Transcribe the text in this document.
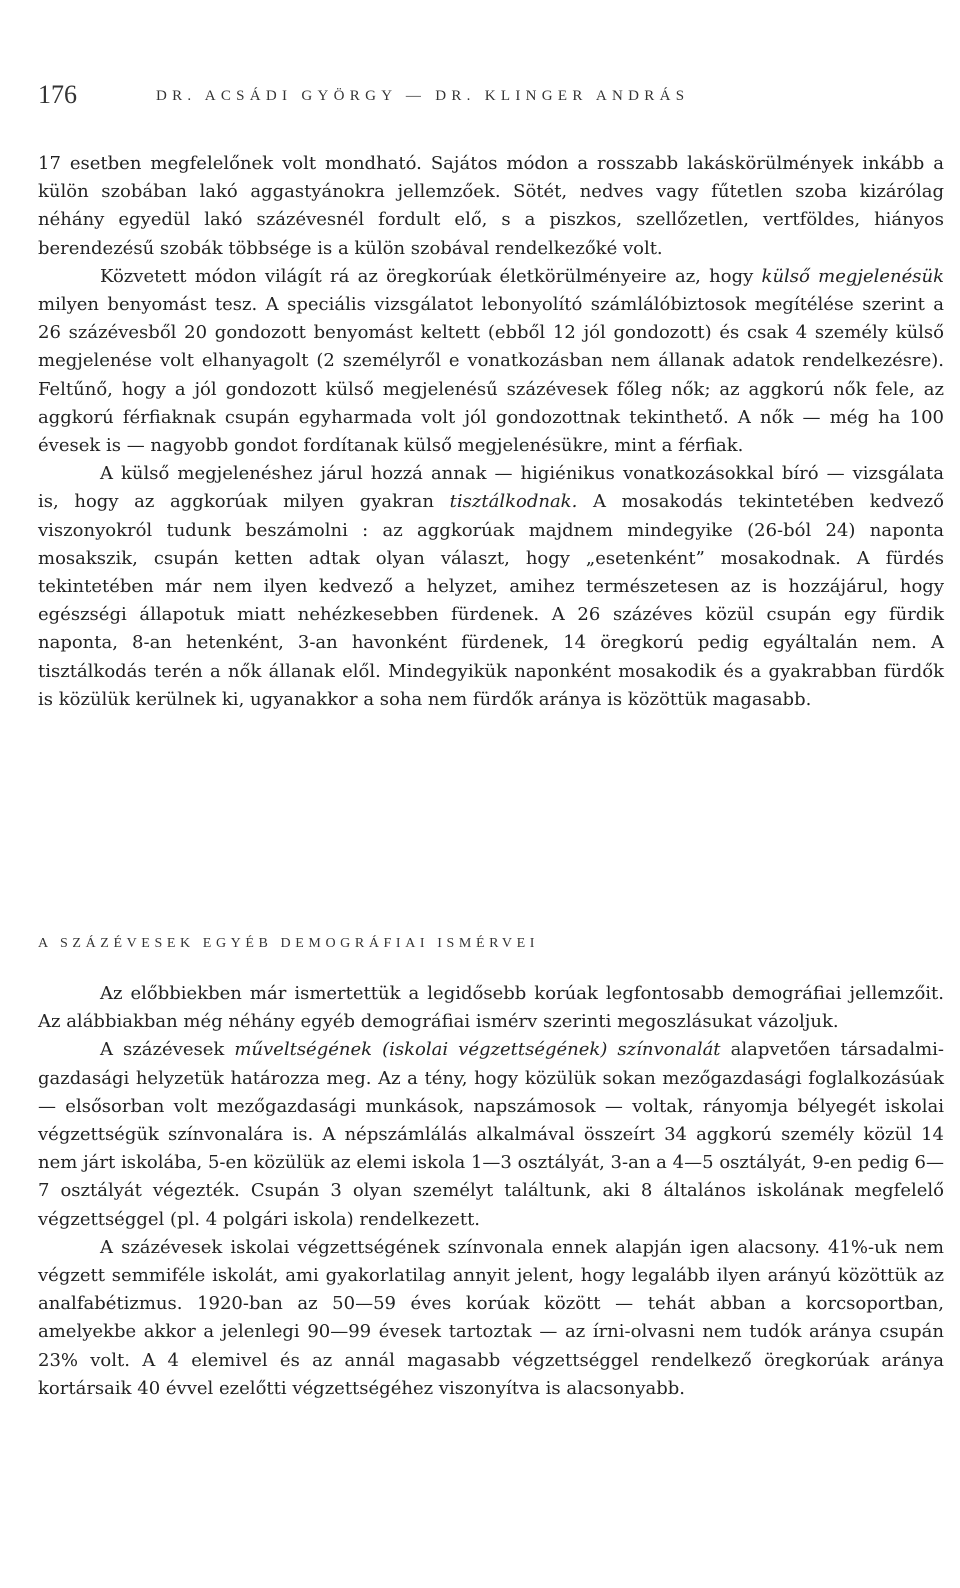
176	DR. ACSÁDI GYÖRGY — DR. KLINGER ANDRÁS

17 esetben megfelelőnek volt mondható. Sajátos módon a rosszabb lakáskörülmények inkább a külön szobában lakó aggastyánokra jellemzőek. Sötét, nedves vagy fűtetlen szoba kizárólag néhány egyedül lakó százévesnél fordult elő, s a piszkos, szellőzetlen, vertföldes, hiányos berendezésű szobák többsége is a külön szobával rendelkezőké volt.

Közvetett módon világít rá az öregkorúak életkörülményeire az, hogy külső megjelenésük milyen benyomást tesz. A speciális vizsgálatot lebonyolító számlálóbiztosok megítélése szerint a 26 százévesből 20 gondozott benyomást keltett (ebből 12 jól gondozott) és csak 4 személy külső megjelenése volt elhanyagolt (2 személyről e vonatkozásban nem állanak adatok rendelkezésre). Feltűnő, hogy a jól gondozott külső megjelenésű százévesek főleg nők; az aggkorú nők fele, az aggkorú férfiaknak csupán egyharmada volt jól gondozottnak tekinthető. A nők — még ha 100 évesek is — nagyobb gondot fordítanak külső megjelenésükre, mint a férfiak.

A külső megjelenéshez járul hozzá annak — higiénikus vonatkozásokkal bíró — vizsgálata is, hogy az aggkorúak milyen gyakran tisztálkodnak. A mosakodás tekintetében kedvező viszonyokról tudunk beszámolni : az aggkorúak majdnem mindegyike (26-ból 24) naponta mosakszik, csupán ketten adtak olyan választ, hogy „esetenként” mosakodnak. A fürdés tekintetében már nem ilyen kedvező a helyzet, amihez természetesen az is hozzájárul, hogy egészségi állapotuk miatt nehézkesebben fürdenek. A 26 százéves közül csupán egy fürdik naponta, 8-an hetenként, 3-an havonként fürdenek, 14 öregkorú pedig egyáltalán nem. A tisztálkodás terén a nők állanak elől. Mindegyikük naponként mosakodik és a gyakrabban fürdők is közülük kerülnek ki, ugyanakkor a soha nem fürdők aránya is közöttük magasabb.

A SZÁZÉVESEK EGYÉB DEMOGRÁFIAI ISMÉRVEI

Az előbbiekben már ismertettük a legidősebb korúak legfontosabb demográfiai jellemzőit. Az alábbiakban még néhány egyéb demográfiai ismérv szerinti megoszlásukat vázoljuk.

A százévesek műveltségének (iskolai végzettségének) színvonalát alapvetően társadalmi-gazdasági helyzetük határozza meg. Az a tény, hogy közülük sokan mezőgazdasági foglalkozásúak — elsősorban volt mezőgazdasági munkások, napszámosok — voltak, rányomja bélyegét iskolai végzettségük színvonalára is. A népszámlálás alkalmával összeírt 34 aggkorú személy közül 14 nem járt iskolába, 5-en közülük az elemi iskola 1—3 osztályát, 3-an a 4—5 osztályát, 9-en pedig 6—7 osztályát végezték. Csupán 3 olyan személyt találtunk, aki 8 általános iskolának megfelelő végzettséggel (pl. 4 polgári iskola) rendelkezett.

A százévesek iskolai végzettségének színvonala ennek alapján igen alacsony. 41%-uk nem végzett semmiféle iskolát, ami gyakorlatilag annyit jelent, hogy legalább ilyen arányú közöttük az analfabétizmus. 1920-ban az 50—59 éves korúak között — tehát abban a korcsoportban, amelyekbe akkor a jelenlegi 90—99 évesek tartoztak — az írni-olvasni nem tudók aránya csupán 23% volt. A 4 elemivel és az annál magasabb végzettséggel rendelkező öregkorúak aránya kortársaik 40 évvel ezelőtti végzettségéhez viszonyítva is alacsonyabb.
